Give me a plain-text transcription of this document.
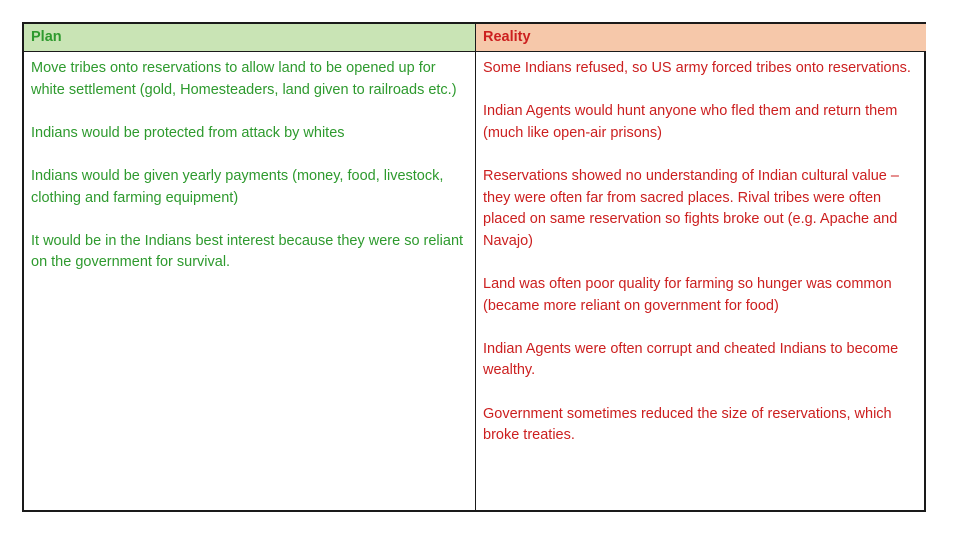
Plan	Reality

Move tribes onto reservations to allow land to be opened up for white settlement (gold, Homesteaders, land given to railroads etc.)

Indians would be protected from attack by whites

Indians would be given yearly payments (money, food, livestock, clothing and farming equipment)

It would be in the Indians best interest because they were so reliant on the government for survival.

Some Indians refused, so US army forced tribes onto reservations.

Indian Agents would hunt anyone who fled them and return them (much like open-air prisons)

Reservations showed no understanding of Indian cultural value – they were often far from sacred places. Rival tribes were often placed on same reservation so fights broke out (e.g. Apache and Navajo)

Land was often poor quality for farming so hunger was common (became more reliant on government for food)

Indian Agents were often corrupt and cheated Indians to become wealthy.

Government sometimes reduced the size of reservations, which broke treaties.
